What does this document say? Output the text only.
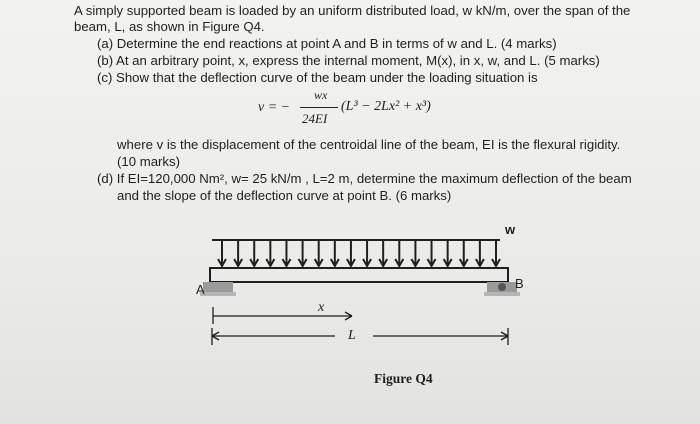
A simply supported beam is loaded by an uniform distributed load, w kN/m, over the span of the
beam, L, as shown in Figure Q4.
(a) Determine the end reactions at point A and B in terms of w and L. (4 marks)
(b) At an arbitrary point, x, express the internal moment, M(x), in x, w, and L. (5 marks)
(c) Show that the deflection curve of the beam under the loading situation is
v = −
wx
24EI
(L³ − 2Lx² + x³)
where v is the displacement of the centroidal line of the beam, EI is the flexural rigidity.
(10 marks)
(d) If EI=120,000 Nm², w= 25 kN/m , L=2 m, determine the maximum deflection of the beam
and the slope of the deflection curve at point B. (6 marks)
w
A	B
x
L
Figure Q4
